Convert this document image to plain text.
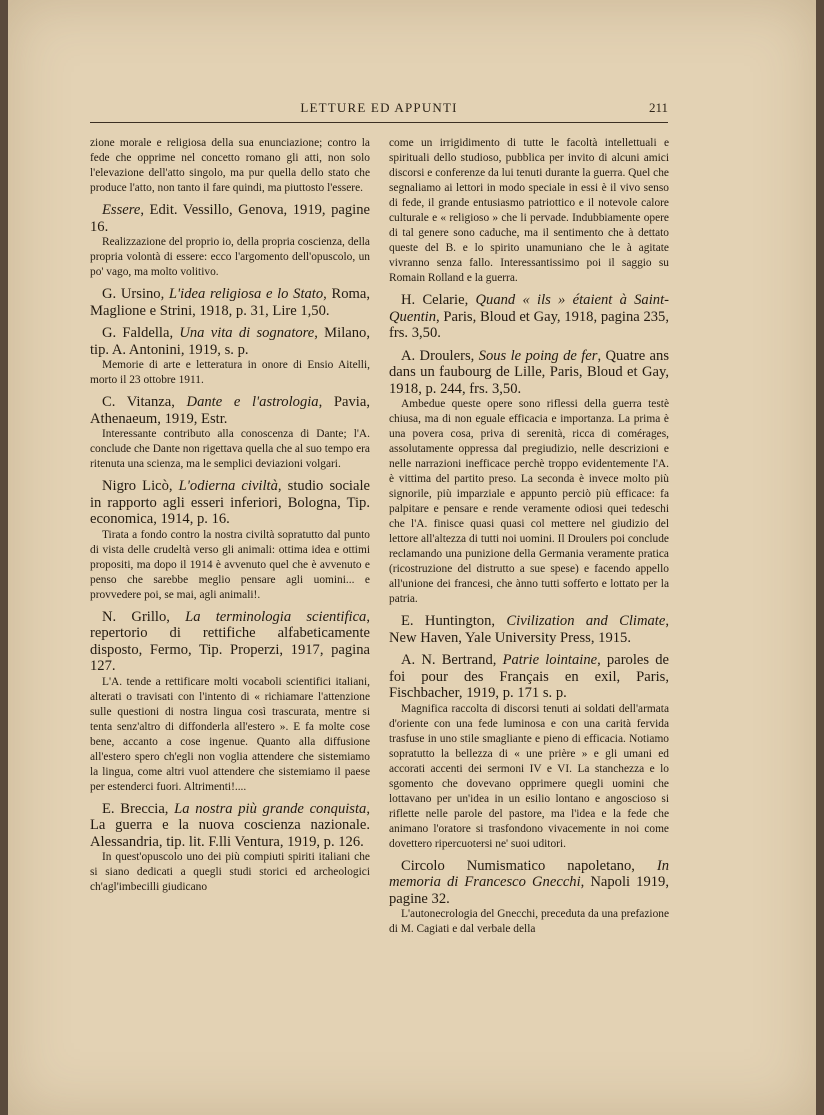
LETTURE ED APPUNTI	211

zione morale e religiosa della sua enunciazione; contro la fede che opprime nel concetto romano gli atti, non solo l'elevazione dell'atto singolo, ma pur quella dello stato che produce l'atto, non tanto il fare quindi, ma piuttosto l'essere.

Essere, Edit. Vessillo, Genova, 1919, pagine 16.

Realizzazione del proprio io, della propria coscienza, della propria volontà di essere: ecco l'argomento dell'opuscolo, un po' vago, ma molto volitivo.

G. Ursino, L'idea religiosa e lo Stato, Roma, Maglione e Strini, 1918, p. 31, Lire 1,50.

G. Faldella, Una vita di sognatore, Milano, tip. A. Antonini, 1919, s. p.

Memorie di arte e letteratura in onore di Ensio Aitelli, morto il 23 ottobre 1911.

C. Vitanza, Dante e l'astrologia, Pavia, Athenaeum, 1919, Estr.

Interessante contributo alla conoscenza di Dante; l'A. conclude che Dante non rigettava quella che al suo tempo era ritenuta una scienza, ma le semplici deviazioni volgari.

Nigro Licò, L'odierna civiltà, studio sociale in rapporto agli esseri inferiori, Bologna, Tip. economica, 1914, p. 16.

Tirata a fondo contro la nostra civiltà sopratutto dal punto di vista delle crudeltà verso gli animali: ottima idea e ottimi propositi, ma dopo il 1914 è avvenuto quel che è avvenuto e penso che sarebbe meglio pensare agli uomini... e provvedere poi, se mai, agli animali!.

N. Grillo, La terminologia scientifica, repertorio di rettifiche alfabeticamente disposto, Fermo, Tip. Properzi, 1917, pagina 127.

L'A. tende a rettificare molti vocaboli scientifici italiani, alterati o travisati con l'intento di « richiamare l'attenzione sulle questioni di nostra lingua così trascurata, mentre si tenta senz'altro di diffonderla all'estero ». E fa molte cose bene, accanto a cose ingenue. Quanto alla diffusione all'estero spero ch'egli non voglia attendere che sistemiamo la lingua, come altri vuol attendere che sistemiamo il paese per estenderci fuori. Altrimenti!....

E. Breccia, La nostra più grande conquista, La guerra e la nuova coscienza nazionale. Alessandria, tip. lit. F.lli Ventura, 1919, p. 126.

In quest'opuscolo uno dei più compiuti spiriti italiani che si siano dedicati a quegli studi storici ed archeologici ch'agl'imbecilli giudicano

come un irrigidimento di tutte le facoltà intellettuali e spirituali dello studioso, pubblica per invito di alcuni amici discorsi e conferenze da lui tenuti durante la guerra. Quel che segnaliamo ai lettori in modo speciale in essi è il vivo senso di fede, il grande entusiasmo patriottico e il notevole calore culturale e « religioso » che li pervade. Indubbiamente opere di tal genere sono caduche, ma il sentimento che à dettato queste del B. e lo spirito unamuniano che le à agitate vivranno senza fallo. Interessantissimo poi il saggio su Romain Rolland e la guerra.

H. Celarie, Quand « ils » étaient à Saint-Quentin, Paris, Bloud et Gay, 1918, pagina 235, frs. 3,50.

A. Droulers, Sous le poing de fer, Quatre ans dans un faubourg de Lille, Paris, Bloud et Gay, 1918, p. 244, frs. 3,50.

Ambedue queste opere sono riflessi della guerra testè chiusa, ma di non eguale efficacia e importanza. La prima è una povera cosa, priva di serenità, ricca di comérages, assolutamente oppressa dal pregiudizio, nelle descrizioni e nelle narrazioni inefficace perchè troppo evidentemente l'A. è vittima del partito preso. La seconda è invece molto più signorile, più imparziale e appunto perciò più efficace: fa palpitare e pensare e rende veramente odiosi quei tedeschi che l'A. finisce quasi quasi col mettere nel giudizio del lettore all'altezza di tutti noi uomini. Il Droulers poi conclude reclamando una punizione della Germania veramente pratica (ricostruzione del distrutto a sue spese) e facendo appello all'unione dei francesi, che ànno tutti sofferto e lottato per la patria.

E. Huntington, Civilization and Climate, New Haven, Yale University Press, 1915.

A. N. Bertrand, Patrie lointaine, paroles de foi pour des Français en exil, Paris, Fischbacher, 1919, p. 171 s. p.

Magnifica raccolta di discorsi tenuti ai soldati dell'armata d'oriente con una fede luminosa e con una carità fervida trasfuse in uno stile smagliante e pieno di efficacia. Notiamo sopratutto la bellezza di « une prière » e gli umani ed accorati accenti dei sermoni IV e VI. La stanchezza e lo sgomento che dovevano opprimere quegli uomini che lottavano per un'idea in un esilio lontano e angoscioso si riflette nelle parole del pastore, ma l'idea e la fede che animano l'oratore si trasfondono vivacemente in noi come dovettero ripercuotersi ne' suoi uditori.

Circolo Numismatico napoletano, In memoria di Francesco Gnecchi, Napoli 1919, pagine 32.

L'autonecrologia del Gnecchi, preceduta da una prefazione di M. Cagiati e dal verbale della
